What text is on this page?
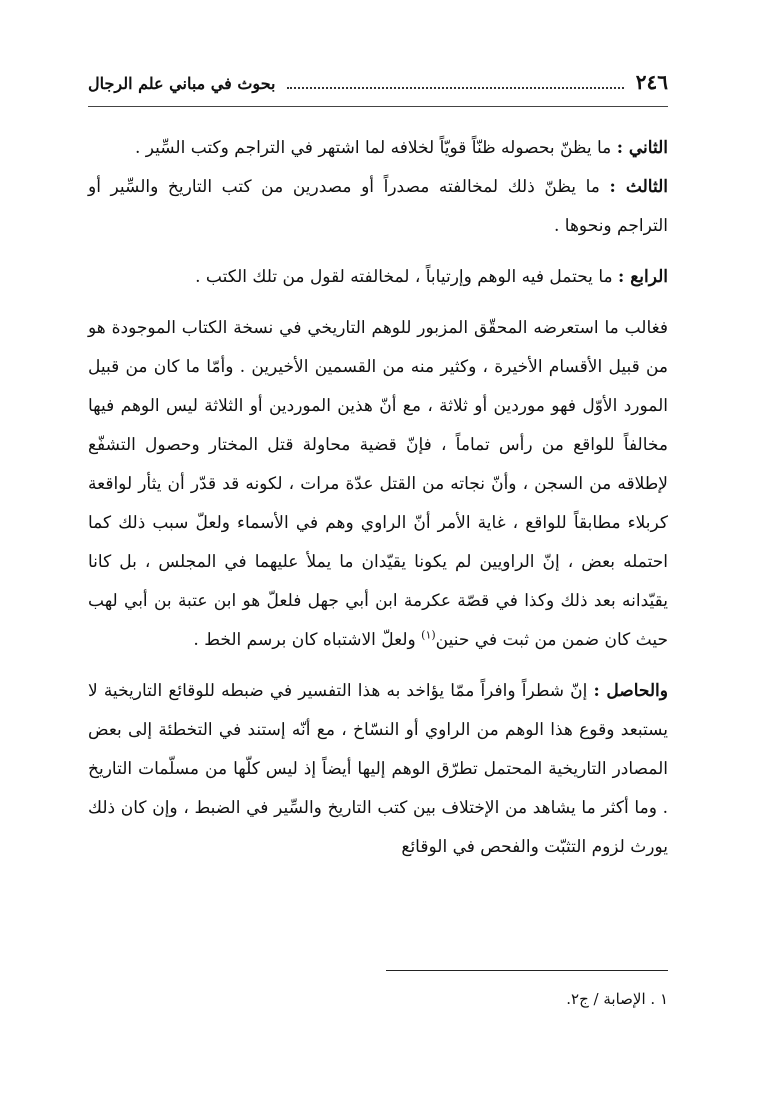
٢٤٦
بحوث في مباني علم الرجال

الثاني : ما يظنّ بحصوله ظنّاً قويّاً لخلافه لما اشتهر في التراجم وكتب السِّير .

الثالث : ما يظنّ ذلك لمخالفته مصدراً أو مصدرين من كتب التاريخ والسِّير أو التراجم ونحوها .

الرابع : ما يحتمل فيه الوهم وإرتياباً ، لمخالفته لقول من تلك الكتب .

فغالب ما استعرضه المحقّق المزبور للوهم التاريخي في نسخة الكتاب الموجودة هو من قبيل الأقسام الأخيرة ، وكثير منه من القسمين الأخيرين . وأمّا ما كان من قبيل المورد الأوّل فهو موردين أو ثلاثة ، مع أنّ هذين الموردين أو الثلاثة ليس الوهم فيها مخالفاً للواقع من رأس تماماً ، فإنّ قضية محاولة قتل المختار وحصول التشفّع لإطلاقه من السجن ، وأنّ نجاته من القتل عدّة مرات ، لكونه قد قدّر أن يثأر لواقعة كربلاء مطابقاً للواقع ، غاية الأمر أنّ الراوي وهم في الأسماء ولعلّ سبب ذلك كما احتمله بعض ، إنّ الراويين لم يكونا يقيّدان ما يملأ عليهما في المجلس ، بل كانا يقيّدانه بعد ذلك وكذا في قصّة عكرمة ابن أبي جهل فلعلّ هو ابن عتبة بن أبي لهب حيث كان ضمن من ثبت في حنين$^{(١)}$ ولعلّ الاشتباه كان برسم الخط .

والحاصل : إنّ شطراً وافراً ممّا يؤاخد به هذا التفسير في ضبطه للوقائع التاريخية لا يستبعد وقوع هذا الوهم من الراوي أو النسّاخ ، مع أنّه إستند في التخطئة إلى بعض المصادر التاريخية المحتمل تطرّق الوهم إليها أيضاً إذ ليس كلّها من مسلّمات التاريخ . وما أكثر ما يشاهد من الإختلاف بين كتب التاريخ والسِّير في الضبط ، وإن كان ذلك يورث لزوم التثبّت والفحص في الوقائع

١ . الإصابة / ج٢.
